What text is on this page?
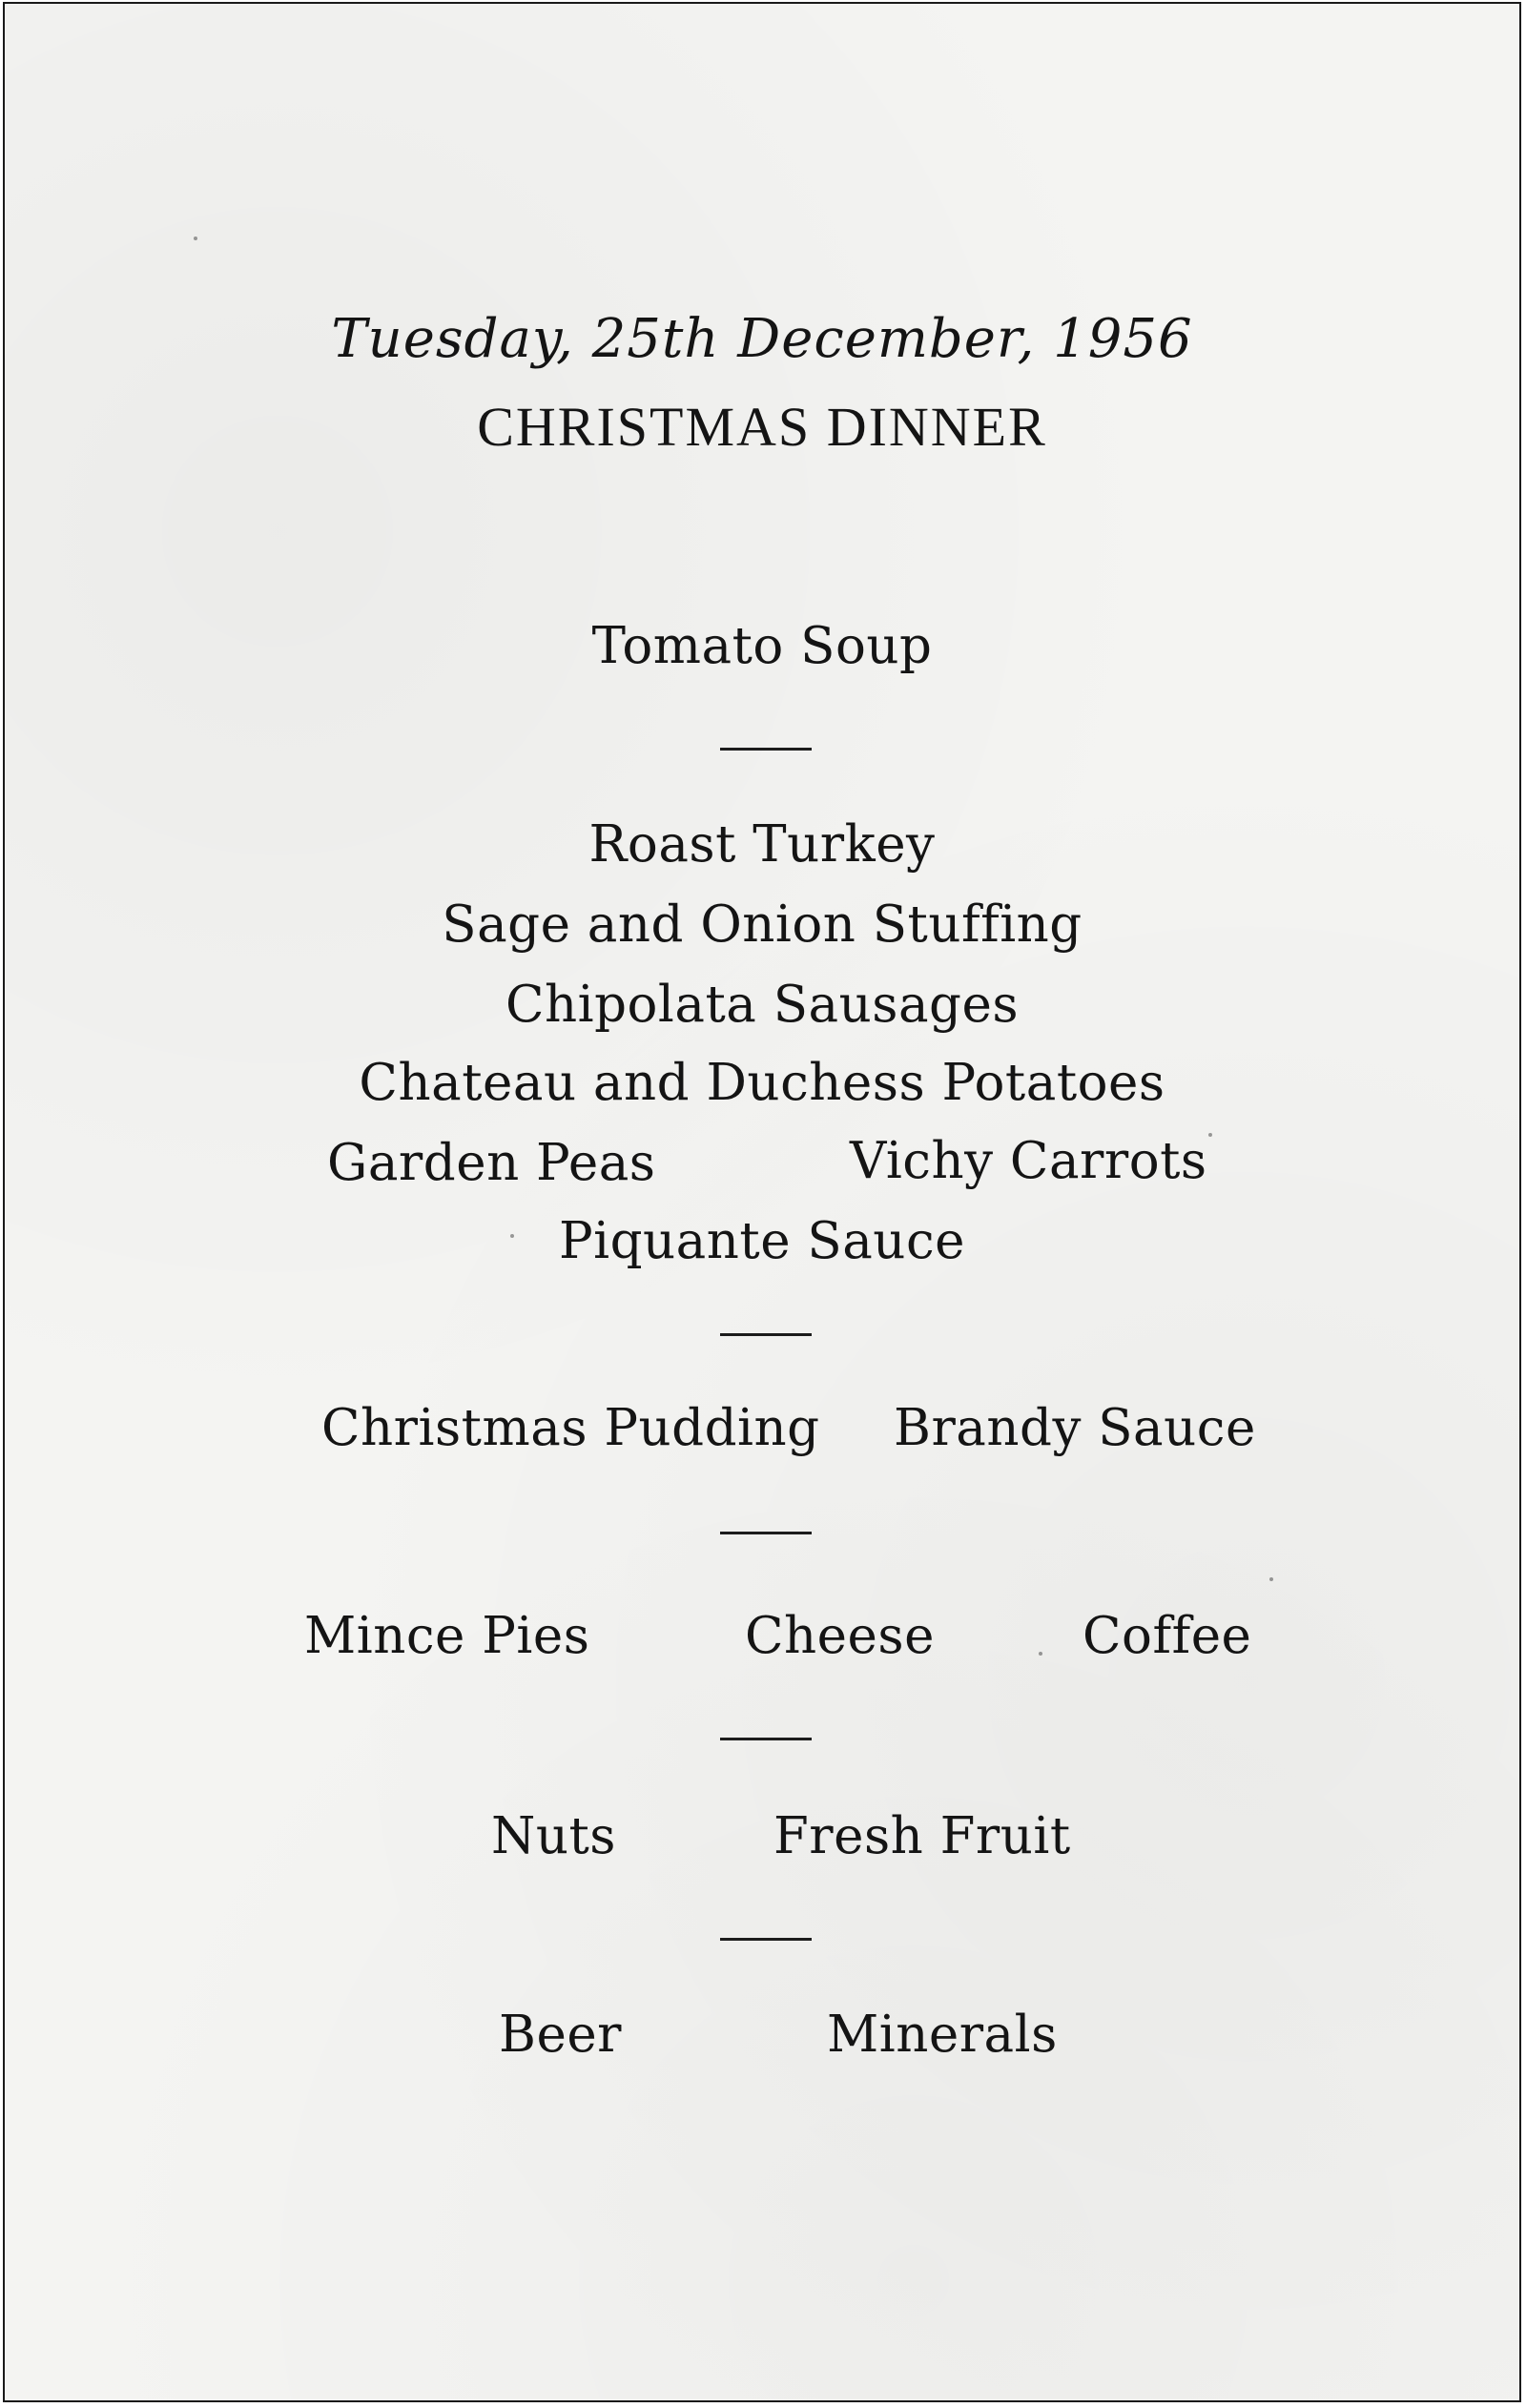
Tuesday, 25th December, 1956
CHRISTMAS DINNER
Tomato Soup
Roast Turkey
Sage and Onion Stuffing
Chipolata Sausages
Chateau and Duchess Potatoes
Garden Peas	Vichy Carrots
Piquante Sauce
Christmas Pudding Brandy Sauce
Mince Pies	Cheese	Coffee
Nuts	Fresh Fruit
Beer	Minerals
